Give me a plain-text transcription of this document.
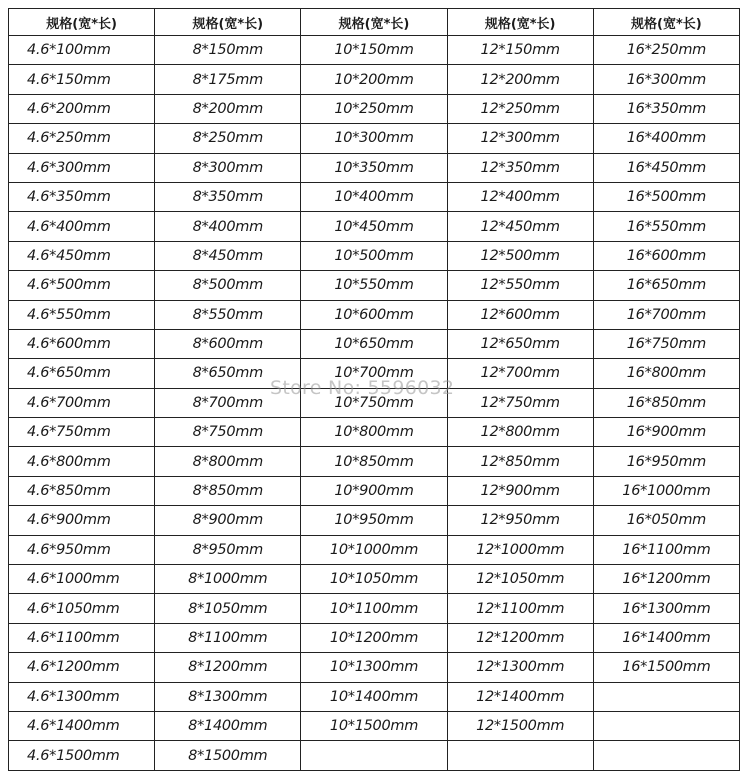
规格(宽*长)	规格(宽*长)	规格(宽*长)	规格(宽*长)	规格(宽*长)
4.6*100mm	8*150mm	10*150mm	12*150mm	16*250mm
4.6*150mm	8*175mm	10*200mm	12*200mm	16*300mm
4.6*200mm	8*200mm	10*250mm	12*250mm	16*350mm
4.6*250mm	8*250mm	10*300mm	12*300mm	16*400mm
4.6*300mm	8*300mm	10*350mm	12*350mm	16*450mm
4.6*350mm	8*350mm	10*400mm	12*400mm	16*500mm
4.6*400mm	8*400mm	10*450mm	12*450mm	16*550mm
4.6*450mm	8*450mm	10*500mm	12*500mm	16*600mm
4.6*500mm	8*500mm	10*550mm	12*550mm	16*650mm
4.6*550mm	8*550mm	10*600mm	12*600mm	16*700mm
4.6*600mm	8*600mm	10*650mm	12*650mm	16*750mm
4.6*650mm	8*650mm	10*700mm	12*700mm	16*800mm
4.6*700mm	8*700mm	10*750mm	12*750mm	16*850mm
4.6*750mm	8*750mm	10*800mm	12*800mm	16*900mm
4.6*800mm	8*800mm	10*850mm	12*850mm	16*950mm
4.6*850mm	8*850mm	10*900mm	12*900mm	16*1000mm
4.6*900mm	8*900mm	10*950mm	12*950mm	16*050mm
4.6*950mm	8*950mm	10*1000mm	12*1000mm	16*1100mm
4.6*1000mm	8*1000mm	10*1050mm	12*1050mm	16*1200mm
4.6*1050mm	8*1050mm	10*1100mm	12*1100mm	16*1300mm
4.6*1100mm	8*1100mm	10*1200mm	12*1200mm	16*1400mm
4.6*1200mm	8*1200mm	10*1300mm	12*1300mm	16*1500mm
4.6*1300mm	8*1300mm	10*1400mm	12*1400mm	
4.6*1400mm	8*1400mm	10*1500mm	12*1500mm	
4.6*1500mm	8*1500mm			
Store No: 5596032
